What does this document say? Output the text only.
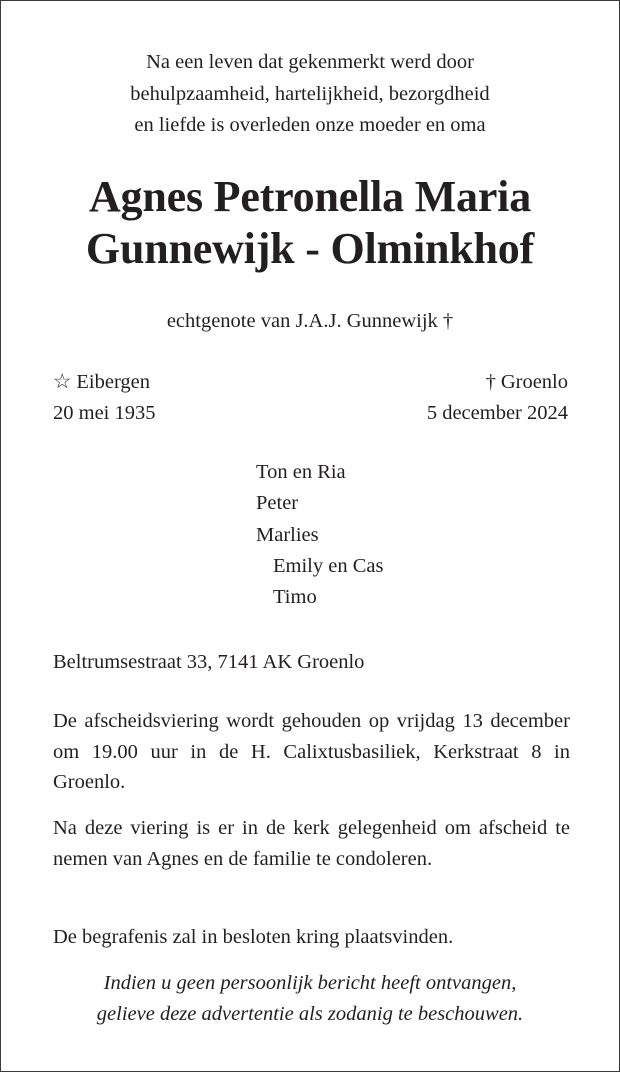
Na een leven dat gekenmerkt werd door
behulpzaamheid, hartelijkheid, bezorgdheid
en liefde is overleden onze moeder en oma
Agnes Petronella Maria
Gunnewijk - Olminkhof
echtgenote van J.A.J. Gunnewijk †
☆ Eibergen
20 mei 1935
† Groenlo
5 december 2024
Ton en Ria
Peter
Marlies
Emily en Cas
Timo
Beltrumsestraat 33, 7141 AK Groenlo
De afscheidsviering wordt gehouden op vrijdag 13 december om 19.00 uur in de H. Calixtusbasiliek, Kerkstraat 8 in Groenlo.
Na deze viering is er in de kerk gelegenheid om afscheid te nemen van Agnes en de familie te condoleren.
De begrafenis zal in besloten kring plaatsvinden.
Indien u geen persoonlijk bericht heeft ontvangen,
gelieve deze advertentie als zodanig te beschouwen.
